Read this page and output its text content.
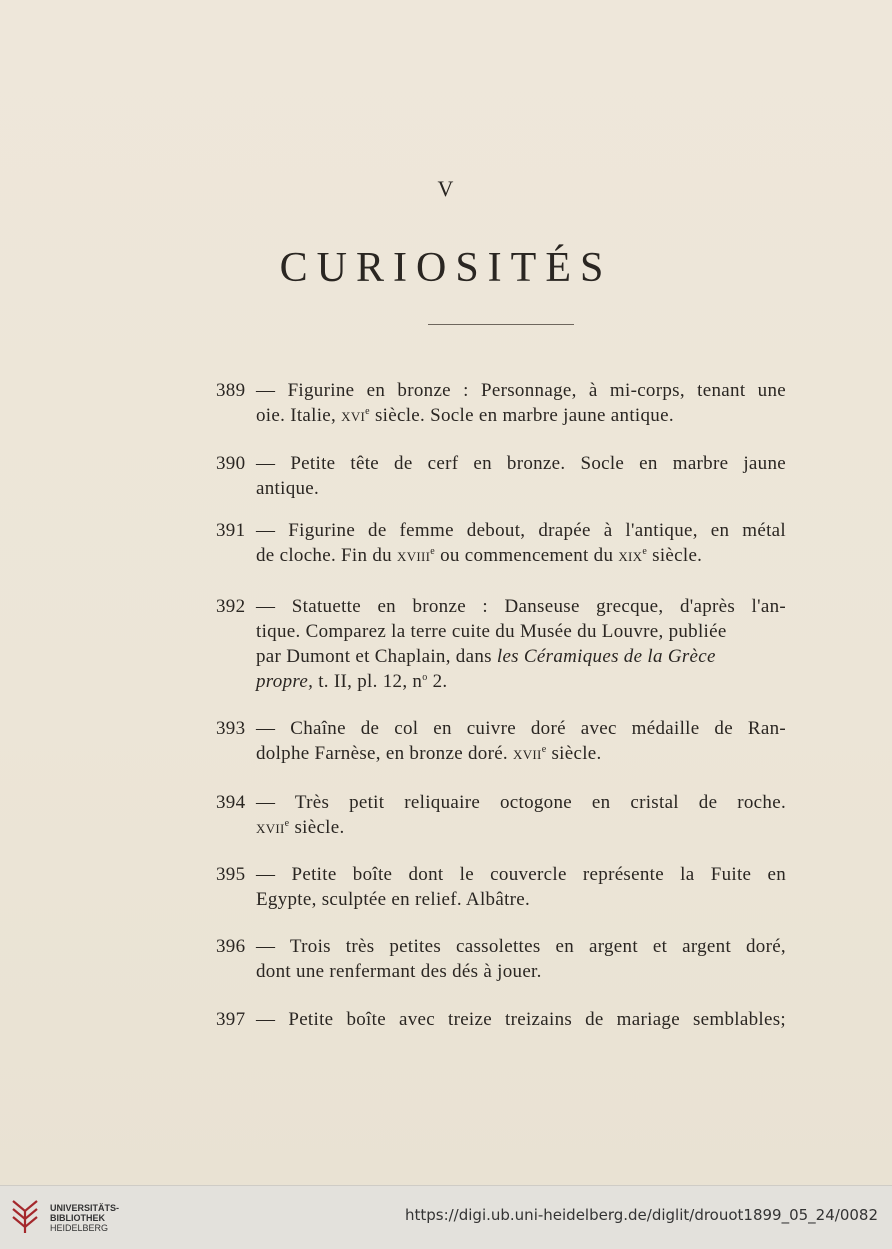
V
CURIOSITÉS
389 — Figurine en bronze : Personnage, à mi-corps, tenant une
oie. Italie, xvi$^e$ siècle. Socle en marbre jaune antique.
390 — Petite tête de cerf en bronze. Socle en marbre jaune
antique.
391 — Figurine de femme debout, drapée à l'antique, en métal
de cloche. Fin du xviii$^e$ ou commencement du xix$^e$ siècle.
392 — Statuette en bronze : Danseuse grecque, d'après l'an-
tique. Comparez la terre cuite du Musée du Louvre, publiée
par Dumont et Chaplain, dans les Céramiques de la Grèce
propre, t. II, pl. 12, $n^o$ 2.
393 — Chaîne de col en cuivre doré avec médaille de Ran-
dolphe Farnèse, en bronze doré. xvii$^e$ siècle.
394 — Très petit reliquaire octogone en cristal de roche.
xvii$^e$ siècle.
395 — Petite boîte dont le couvercle représente la Fuite en
Egypte, sculptée en relief. Albâtre.
396 — Trois très petites cassolettes en argent et argent doré,
dont une renfermant des dés à jouer.
397 — Petite boîte avec treize treizains de mariage semblables;
UNIVERSITÄTS-
BIBLIOTHEK
HEIDELBERG
https://digi.ub.uni-heidelberg.de/diglit/drouot1899_05_24/0082
